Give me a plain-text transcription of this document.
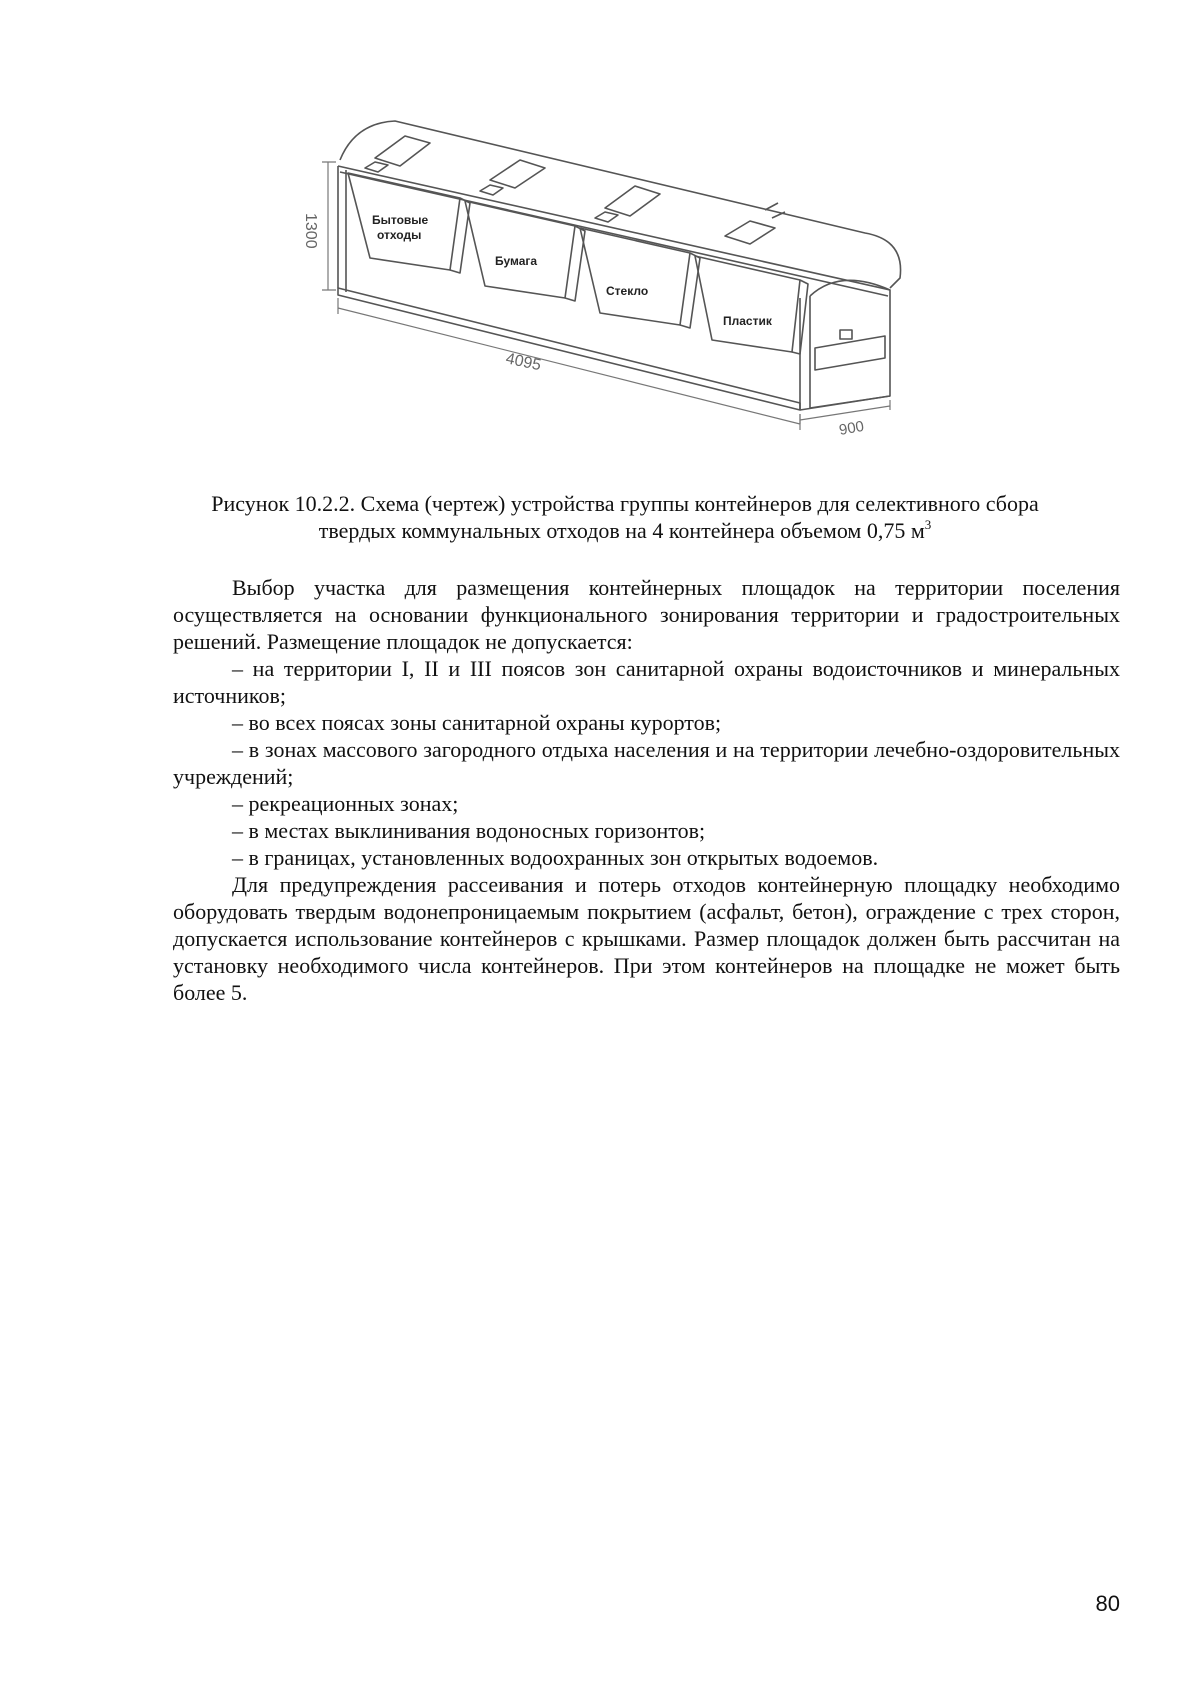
1300
4095
900
Бытовые
отходы
Бумага
Стекло
Пластик
Рисунок 10.2.2. Схема (чертеж) устройства группы контейнеров для селективного сбора
твердых коммунальных отходов на 4 контейнера объемом 0,75 $м^3$

Выбор участка для размещения контейнерных площадок на территории поселения осуществляется на основании функционального зонирования территории и градостроительных решений. Размещение площадок не допускается:

– на территории I, II и III поясов зон санитарной охраны водоисточников и минеральных источников;

– во всех поясах зоны санитарной охраны курортов;

– в зонах массового загородного отдыха населения и на территории лечебно-оздоровительных учреждений;

– рекреационных зонах;

– в местах выклинивания водоносных горизонтов;

– в границах, установленных водоохранных зон открытых водоемов.

Для предупреждения рассеивания и потерь отходов контейнерную площадку необходимо оборудовать твердым водонепроницаемым покрытием (асфальт, бетон), ограждение с трех сторон, допускается использование контейнеров с крышками. Размер площадок должен быть рассчитан на установку необходимого числа контейнеров. При этом контейнеров на площадке не может быть более 5.

80
